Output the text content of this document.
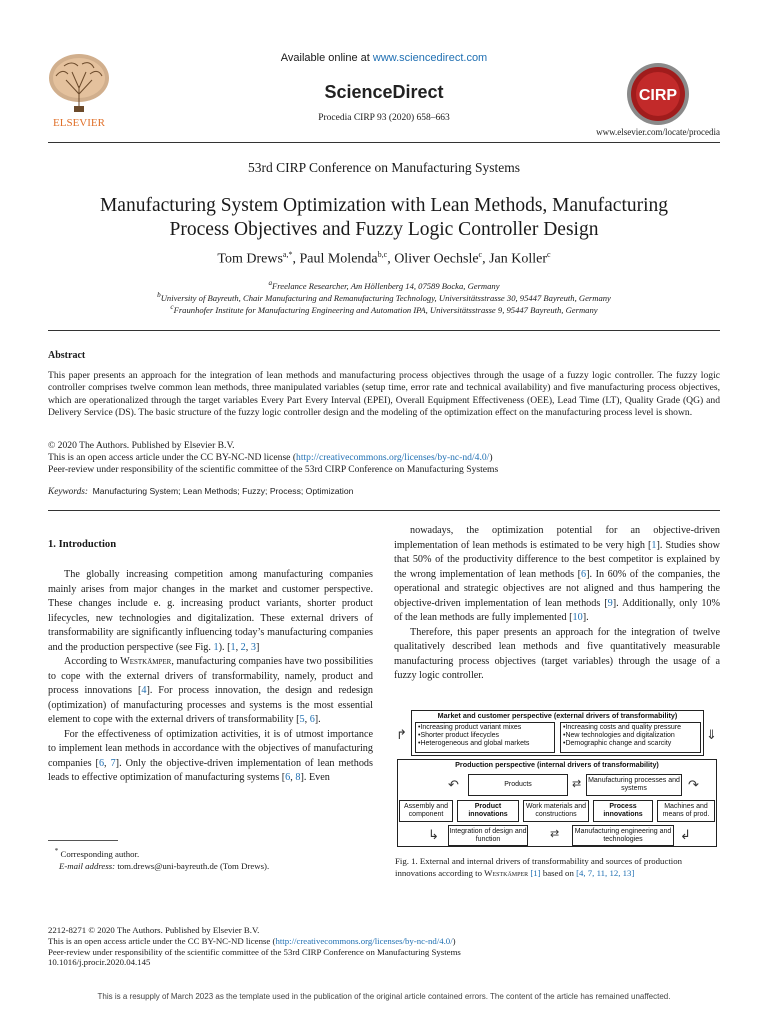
ELSEVIER
Available online at www.sciencedirect.com
ScienceDirect
Procedia CIRP 93 (2020) 658–663
CIRP
www.elsevier.com/locate/procedia
53rd CIRP Conference on Manufacturing Systems
Manufacturing System Optimization with Lean Methods, Manufacturing
Process Objectives and Fuzzy Logic Controller Design
Tom Drews$^{a,*}$, Paul Molenda$^{b,c}$, Oliver Oechsle$^c$, Jan Koller$^c$
$^a$Freelance Researcher, Am Höllenberg 14, 07589 Bocka, Germany
$^b$University of Bayreuth, Chair Manufacturing and Remanufacturing Technology, Universitätsstrasse 30, 95447 Bayreuth, Germany
$^c$Fraunhofer Institute for Manufacturing Engineering and Automation IPA, Universitätsstrasse 9, 95447 Bayreuth, Germany
Abstract
This paper presents an approach for the integration of lean methods and manufacturing process objectives through the usage of a fuzzy logic controller. The fuzzy logic controller comprises twelve common lean methods, three manipulated variables (setup time, error rate and technical availability) and five manufacturing process objectives, which are operationalized through the target variables Every Part Every Interval (EPEI), Overall Equipment Effectiveness (OEE), Lead Time (LT), Quality Grade (QG) and Delivery Service (DS). The basic structure of the fuzzy logic controller design and the modeling of the optimization effect on the manufacturing process level is shown.
© 2020 The Authors. Published by Elsevier B.V.
This is an open access article under the CC BY-NC-ND license (http://creativecommons.org/licenses/by-nc-nd/4.0/)
Peer-review under responsibility of the scientific committee of the 53rd CIRP Conference on Manufacturing Systems
Keywords: Manufacturing System; Lean Methods; Fuzzy; Process; Optimization
1. Introduction

The globally increasing competition among manufacturing companies mainly arises from major changes in the market and customer perspective. These changes include e. g. increasing product variants, shorter product lifecycles, new technologies and digitalization. These external drivers of transformability are significantly influencing today’s manufacturing companies and the production perspective (see Fig. 1). [1, 2, 3]

According to Westkämper, manufacturing companies have two possibilities to cope with the external drivers of transformability, namely, product and process innovations [4]. For process innovation, the design and redesign (optimization) of manufacturing processes and systems is the most essential element to cope with the external drivers of transformability [5, 6].

For the effectiveness of optimization activities, it is of utmost importance to implement lean methods in accordance with the objectives of manufacturing companies [6, 7]. Only the objective-driven implementation of lean methods leads to effective optimization of manufacturing systems [6, 8]. Even

nowadays, the optimization potential for an objective-driven implementation of lean methods is estimated to be very high [1]. Studies show that 50% of the productivity difference to the best competitor is explained by the wrong implementation of lean methods [6]. In 60% of the companies, the operational and strategic objectives are not aligned and thus hampering the objective-driven implementation of lean methods [9]. Additionally, only 10% of the lean methods are fully implemented [10].

Therefore, this paper presents an approach for the integration of twelve qualitatively described lean methods and five quantitatively measurable manufacturing process objectives (target variables) through the usage of a fuzzy logic controller.

* Corresponding author.
E-mail address: tom.drews@uni-bayreuth.de (Tom Drews).
Market and customer perspective (external drivers of transformability)
•Increasing product variant mixes
•Shorter product lifecycles
•Heterogeneous and global markets
•Increasing costs and quality pressure
•New technologies and digitalization
•Demographic change and scarcity
↱	⇓
Production perspective (internal drivers of transformability)
↶	Products	⇄ Manufacturing processes and systems	↷
Assembly and component
Product innovations
Work materials and constructions
Process innovations
Machines and means of prod.
↳ Integration of design and function	⇄	Manufacturing engineering and technologies	↲
Fig. 1. External and internal drivers of transformability and sources of production innovations according to Westkämper [1] based on [4, 7, 11, 12, 13]
2212-8271 © 2020 The Authors. Published by Elsevier B.V.
This is an open access article under the CC BY-NC-ND license (http://creativecommons.org/licenses/by-nc-nd/4.0/)
Peer-review under responsibility of the scientific committee of the 53rd CIRP Conference on Manufacturing Systems
10.1016/j.procir.2020.04.145
This is a resupply of March 2023 as the template used in the publication of the original article contained errors. The content of the article has remained unaffected.
